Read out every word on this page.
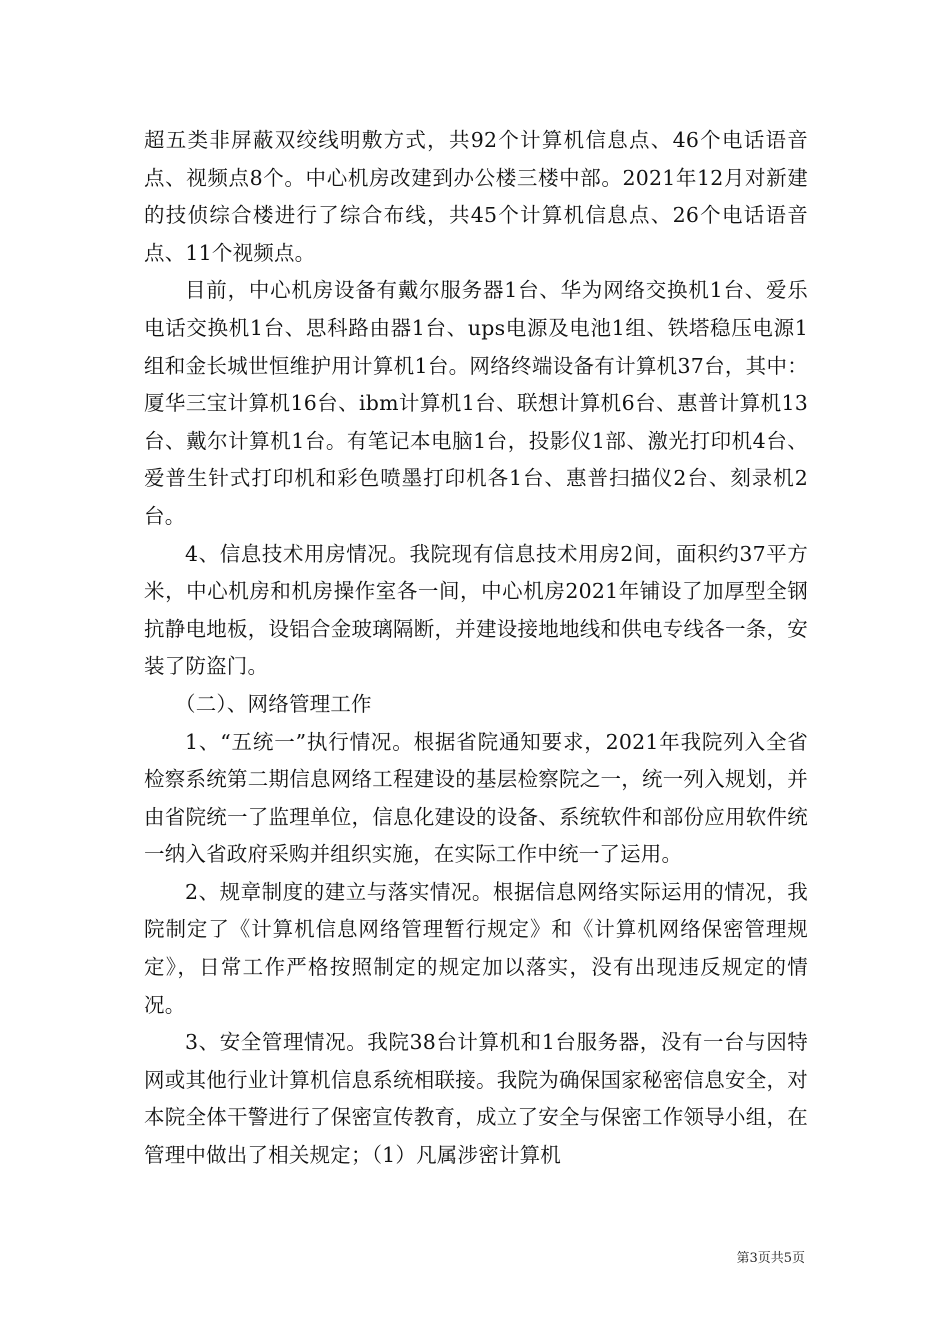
超五类非屏蔽双绞线明敷方式，共92个计算机信息点、46个电话语音点、视频点8个。中心机房改建到办公楼三楼中部。2021年12月对新建的技侦综合楼进行了综合布线，共45个计算机信息点、26个电话语音点、11个视频点。

目前，中心机房设备有戴尔服务器1台、华为网络交换机1台、爱乐电话交换机1台、思科路由器1台、ups电源及电池1组、铁塔稳压电源1组和金长城世恒维护用计算机1台。网络终端设备有计算机37台，其中：厦华三宝计算机16台、ibm计算机1台、联想计算机6台、惠普计算机13台、戴尔计算机1台。有笔记本电脑1台，投影仪1部、激光打印机4台、爱普生针式打印机和彩色喷墨打印机各1台、惠普扫描仪2台、刻录机2台。

4、信息技术用房情况。我院现有信息技术用房2间，面积约37平方米，中心机房和机房操作室各一间，中心机房2021年铺设了加厚型全钢抗静电地板，设铝合金玻璃隔断，并建设接地地线和供电专线各一条，安装了防盗门。

（二）、网络管理工作

1、“五统一”执行情况。根据省院通知要求，2021年我院列入全省检察系统第二期信息网络工程建设的基层检察院之一，统一列入规划，并由省院统一了监理单位，信息化建设的设备、系统软件和部份应用软件统一纳入省政府采购并组织实施，在实际工作中统一了运用。

2、规章制度的建立与落实情况。根据信息网络实际运用的情况，我院制定了《计算机信息网络管理暂行规定》和《计算机网络保密管理规定》，日常工作严格按照制定的规定加以落实，没有出现违反规定的情况。

3、安全管理情况。我院38台计算机和1台服务器，没有一台与因特网或其他行业计算机信息系统相联接。我院为确保国家秘密信息安全，对本院全体干警进行了保密宣传教育，成立了安全与保密工作领导小组，在管理中做出了相关规定；（1）凡属涉密计算机

第3页共5页
